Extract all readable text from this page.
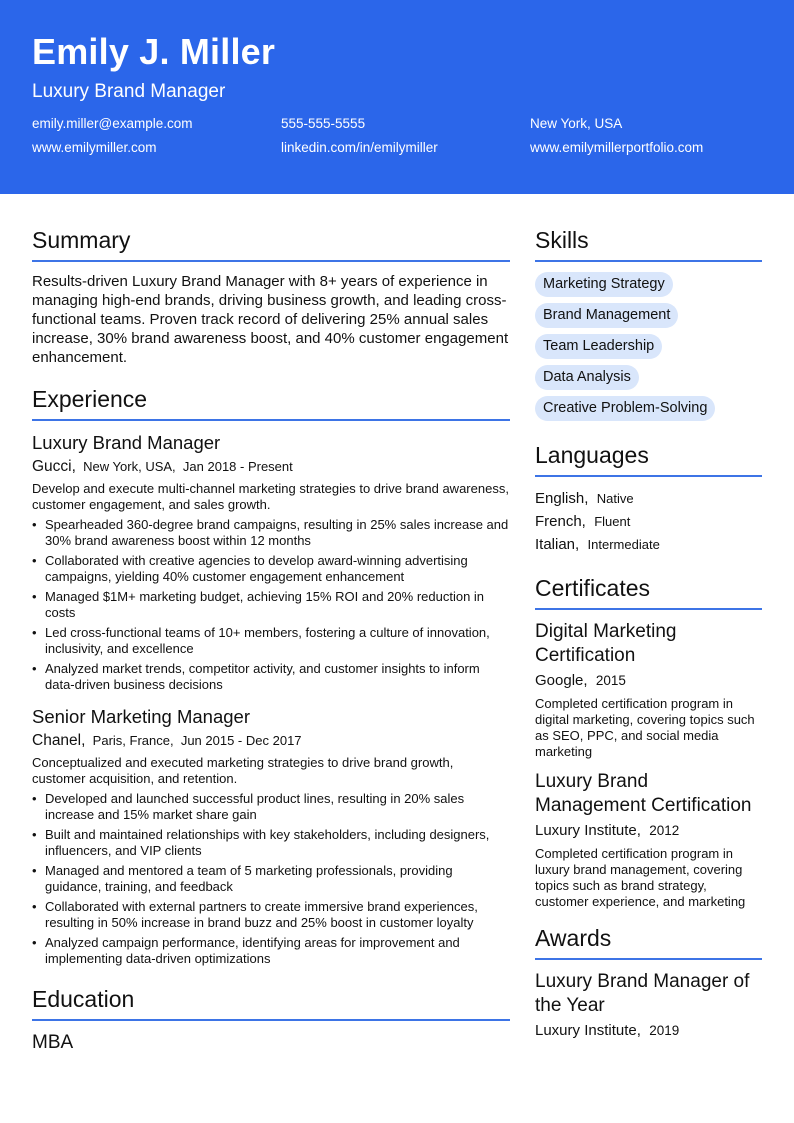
Emily J. Miller
Luxury Brand Manager
emily.miller@example.com	555-555-5555	New York, USA
www.emilymiller.com	linkedin.com/in/emilymiller	www.emilymillerportfolio.com
Summary
Results-driven Luxury Brand Manager with 8+ years of experience in managing high-end brands, driving business growth, and leading cross-functional teams. Proven track record of delivering 25% annual sales increase, 30% brand awareness boost, and 40% customer engagement enhancement.
Experience
Luxury Brand Manager
Gucci, New York, USA, Jan 2018 - Present
Develop and execute multi-channel marketing strategies to drive brand awareness, customer engagement, and sales growth.
• Spearheaded 360-degree brand campaigns, resulting in 25% sales increase and 30% brand awareness boost within 12 months
• Collaborated with creative agencies to develop award-winning advertising campaigns, yielding 40% customer engagement enhancement
• Managed $1M+ marketing budget, achieving 15% ROI and 20% reduction in costs
• Led cross-functional teams of 10+ members, fostering a culture of innovation, inclusivity, and excellence
• Analyzed market trends, competitor activity, and customer insights to inform data-driven business decisions
Senior Marketing Manager
Chanel, Paris, France, Jun 2015 - Dec 2017
Conceptualized and executed marketing strategies to drive brand growth, customer acquisition, and retention.
• Developed and launched successful product lines, resulting in 20% sales increase and 15% market share gain
• Built and maintained relationships with key stakeholders, including designers, influencers, and VIP clients
• Managed and mentored a team of 5 marketing professionals, providing guidance, training, and feedback
• Collaborated with external partners to create immersive brand experiences, resulting in 50% increase in brand buzz and 25% boost in customer loyalty
• Analyzed campaign performance, identifying areas for improvement and implementing data-driven optimizations
Education
MBA
Skills
Marketing Strategy
Brand Management
Team Leadership
Data Analysis
Creative Problem-Solving
Languages
English, Native
French, Fluent
Italian, Intermediate
Certificates
Digital Marketing Certification
Google, 2015
Completed certification program in digital marketing, covering topics such as SEO, PPC, and social media marketing
Luxury Brand Management Certification
Luxury Institute, 2012
Completed certification program in luxury brand management, covering topics such as brand strategy, customer experience, and marketing
Awards
Luxury Brand Manager of the Year
Luxury Institute, 2019
